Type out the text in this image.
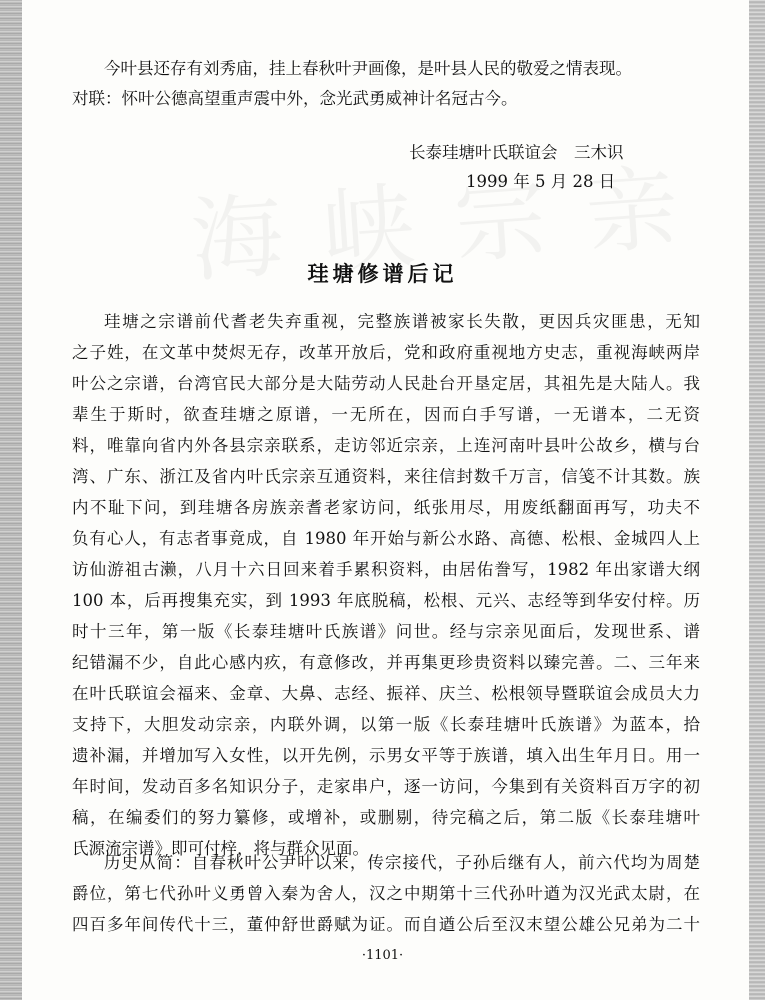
今叶县还存有刘秀庙，挂上春秋叶尹画像，是叶县人民的敬爱之情表现。
对联：怀叶公德高望重声震中外，念光武勇威神计名冠古今。
长泰珪塘叶氏联谊会　三木识
1999 年 5 月 28 日
珪塘修谱后记
珪塘之宗谱前代耆老失弃重视，完整族谱被家长失散，更因兵灾匪患，无知
之子姓，在文革中焚烬无存，改革开放后，党和政府重视地方史志，重视海峡两岸
叶公之宗谱，台湾官民大部分是大陆劳动人民赴台开垦定居，其祖先是大陆人。我
辈生于斯时，欲查珪塘之原谱，一无所在，因而白手写谱，一无谱本，二无资
料，唯靠向省内外各县宗亲联系，走访邻近宗亲，上连河南叶县叶公故乡，横与台
湾、广东、浙江及省内叶氏宗亲互通资料，来往信封数千万言，信笺不计其数。族
内不耻下问，到珪塘各房族亲耆老家访问，纸张用尽，用废纸翻面再写，功夫不
负有心人，有志者事竟成，自 1980 年开始与新公水路、高德、松根、金城四人上
访仙游祖古濑，八月十六日回来着手累积资料，由居佑誊写，1982 年出家谱大纲
100 本，后再搜集充实，到 1993 年底脱稿，松根、元兴、志经等到华安付梓。历
时十三年，第一版《长泰珪塘叶氏族谱》问世。经与宗亲见面后，发现世系、谱
纪错漏不少，自此心感内疚，有意修改，并再集更珍贵资料以臻完善。二、三年来
在叶氏联谊会福来、金章、大鼻、志经、振祥、庆兰、松根领导暨联谊会成员大力
支持下，大胆发动宗亲，内联外调，以第一版《长泰珪塘叶氏族谱》为蓝本，拾
遗补漏，并增加写入女性，以开先例，示男女平等于族谱，填入出生年月日。用一
年时间，发动百多名知识分子，走家串户，逐一访问，今集到有关资料百万字的初
稿，在编委们的努力纂修，或增补，或删剔，待完稿之后，第二版《长泰珪塘叶
氏源流宗谱》即可付梓，将与群众见面。
历史从简：自春秋叶公尹叶以来，传宗接代，子孙后继有人，前六代均为周楚
爵位，第七代孙叶义勇曾入秦为舍人，汉之中期第十三代孙叶遒为汉光武太尉，在
四百多年间传代十三，董仲舒世爵赋为证。而自遒公后至汉末望公雄公兄弟为二十
·1101·
